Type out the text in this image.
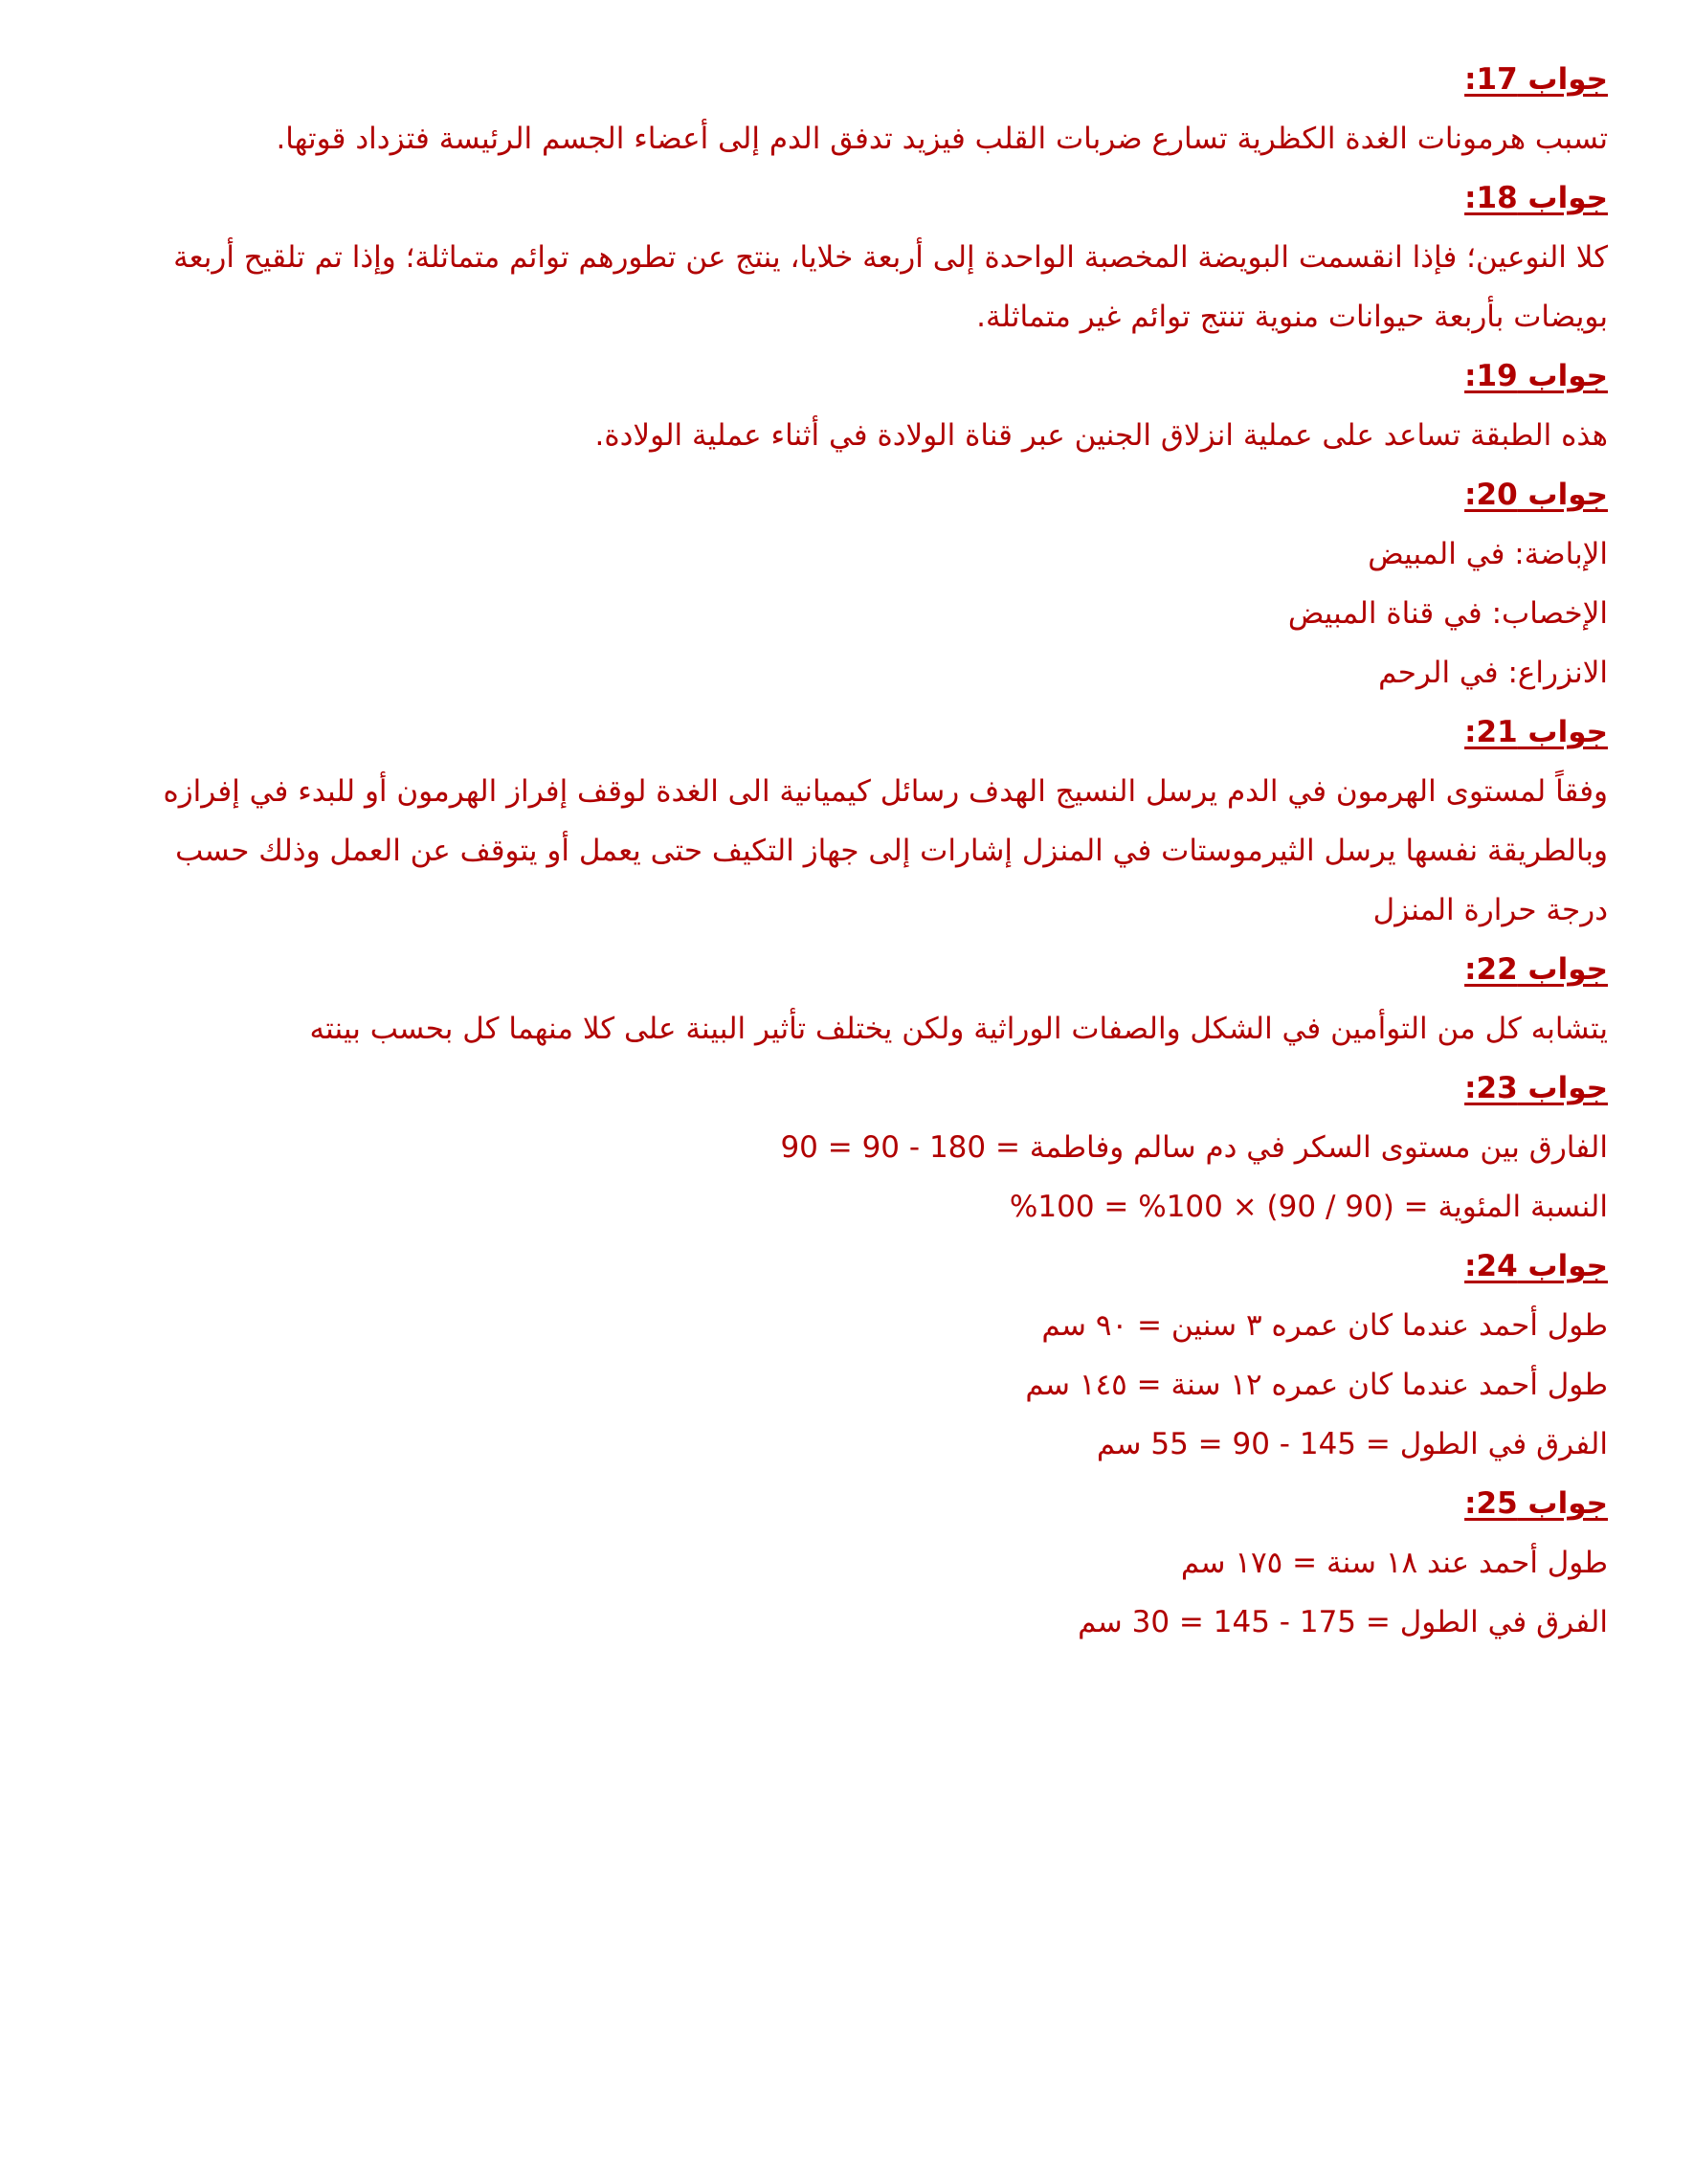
جواب 17:
تسبب هرمونات الغدة الكظرية تسارع ضربات القلب فيزيد تدفق الدم إلى أعضاء الجسم الرئيسة فتزداد قوتها.
جواب 18:
كلا النوعين؛ فإذا انقسمت البويضة المخصبة الواحدة إلى أربعة خلايا، ينتج عن تطورهم توائم متماثلة؛ وإذا تم تلقيح أربعة بويضات بأربعة حيوانات منوية تنتج توائم غير متماثلة.
جواب 19:
هذه الطبقة تساعد على عملية انزلاق الجنين عبر قناة الولادة في أثناء عملية الولادة.
جواب 20:
الإباضة: في المبيض
الإخصاب: في قناة المبيض
الانزراع: في الرحم
جواب 21:
وفقاً لمستوى الهرمون في الدم يرسل النسيج الهدف رسائل كيميانية الى الغدة لوقف إفراز الهرمون أو للبدء في إفرازه وبالطريقة نفسها يرسل الثيرموستات في المنزل إشارات إلى جهاز التكيف حتى يعمل أو يتوقف عن العمل وذلك حسب درجة حرارة المنزل
جواب 22:
يتشابه كل من التوأمين في الشكل والصفات الوراثية ولكن يختلف تأثير البينة على كلا منهما كل بحسب بينته
جواب 23:
الفارق بين مستوى السكر في دم سالم وفاطمة = 180 - 90 = 90
النسبة المئوية = (90 / 90) × 100% = 100%
جواب 24:
طول أحمد عندما كان عمره ٣ سنين = ٩٠ سم
طول أحمد عندما كان عمره ١٢ سنة = ١٤٥ سم
الفرق في الطول = 145 - 90 = 55 سم
جواب 25:
طول أحمد عند ١٨ سنة = ١٧٥ سم
الفرق في الطول = 175 - 145 = 30 سم
